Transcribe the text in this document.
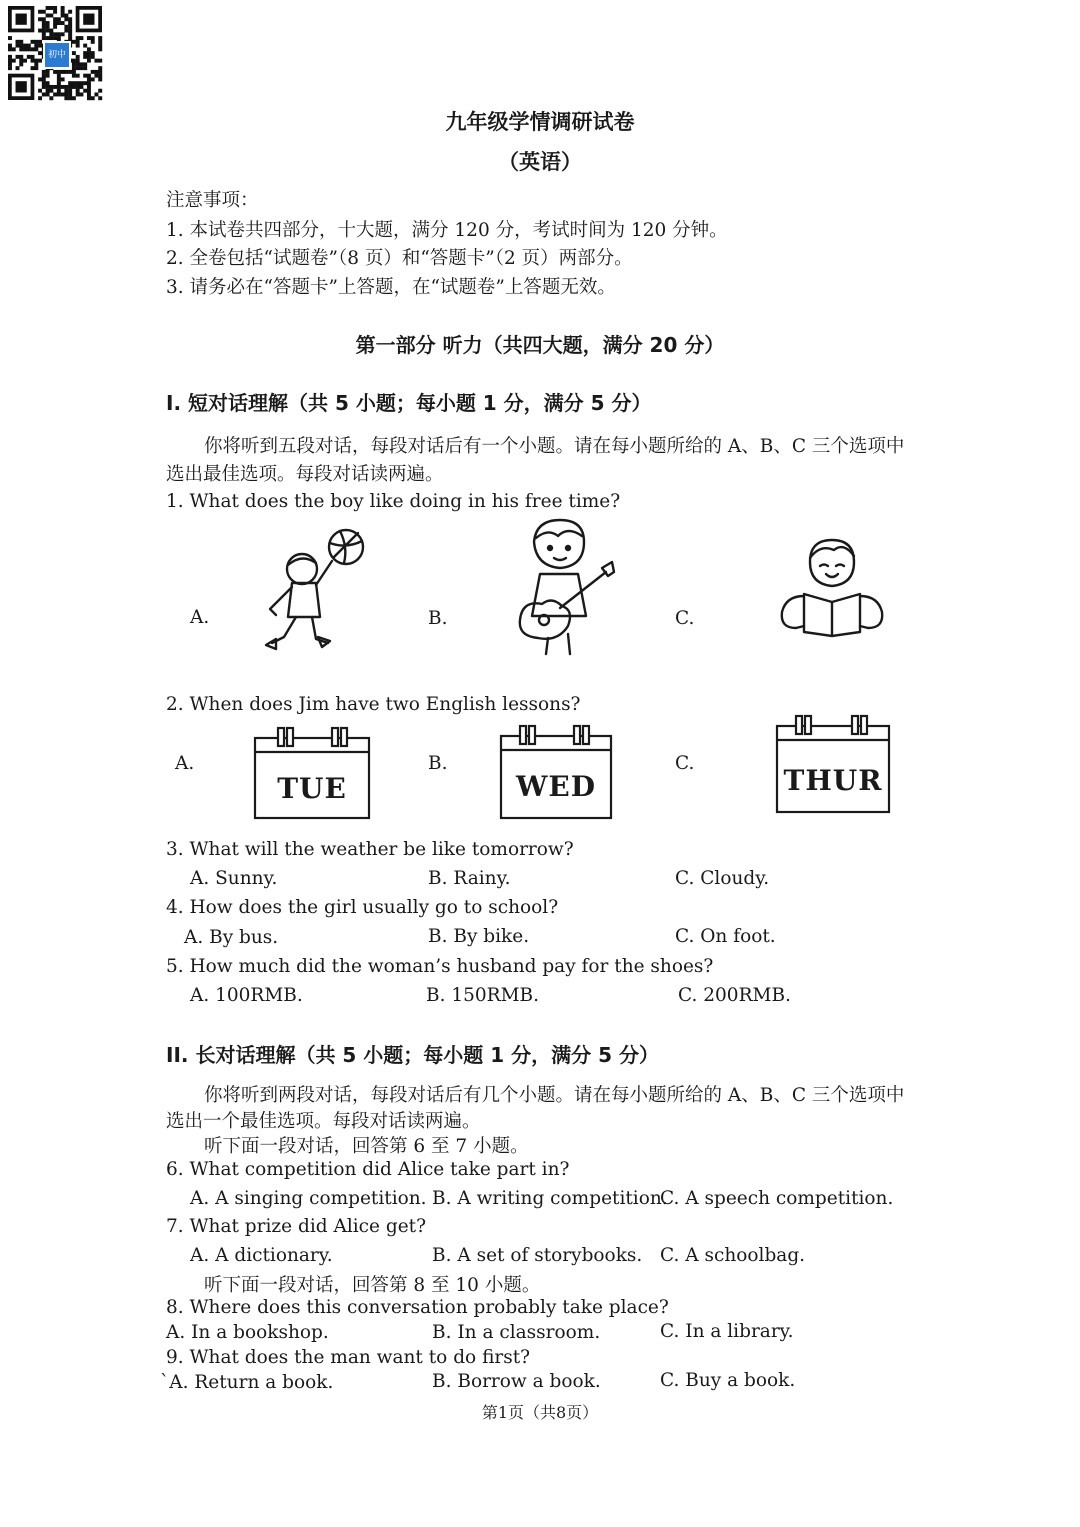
初中
九年级学情调研试卷
（英语）
注意事项：
1. 本试卷共四部分，十大题，满分 120 分，考试时间为 120 分钟。
2. 全卷包括“试题卷”（8 页）和“答题卡”（2 页）两部分。
3. 请务必在“答题卡”上答题，在“试题卷”上答题无效。
第一部分 听力（共四大题，满分 20 分）
I. 短对话理解（共 5 小题；每小题 1 分，满分 5 分）
你将听到五段对话，每段对话后有一个小题。请在每小题所给的 A、B、C 三个选项中
选出最佳选项。每段对话读两遍。
1. What does the boy like doing in his free time?
A.	B.	C.
2. When does Jim have two English lessons?
A.	B.	C.
TUE	WED	THUR
3. What will the weather be like tomorrow?
A. Sunny.	B. Rainy.	C. Cloudy.
4. How does the girl usually go to school?
A. By bus.	B. By bike.	C. On foot.
5. How much did the woman’s husband pay for the shoes?
A. 100RMB.	B. 150RMB.	C. 200RMB.
II. 长对话理解（共 5 小题；每小题 1 分，满分 5 分）
你将听到两段对话，每段对话后有几个小题。请在每小题所给的 A、B、C 三个选项中
选出一个最佳选项。每段对话读两遍。
听下面一段对话，回答第 6 至 7 小题。
6. What competition did Alice take part in?
A. A singing competition. B. A writing competition.
C. A speech competition.
7. What prize did Alice get?
A. A dictionary.	B. A set of storybooks. C. A schoolbag.
听下面一段对话，回答第 8 至 10 小题。
8. Where does this conversation probably take place?
A. In a bookshop.	B. In a classroom.	C. In a library.
9. What does the man want to do first?
`A. Return a book.	B. Borrow a book.	C. Buy a book.
第1页（共8页）
